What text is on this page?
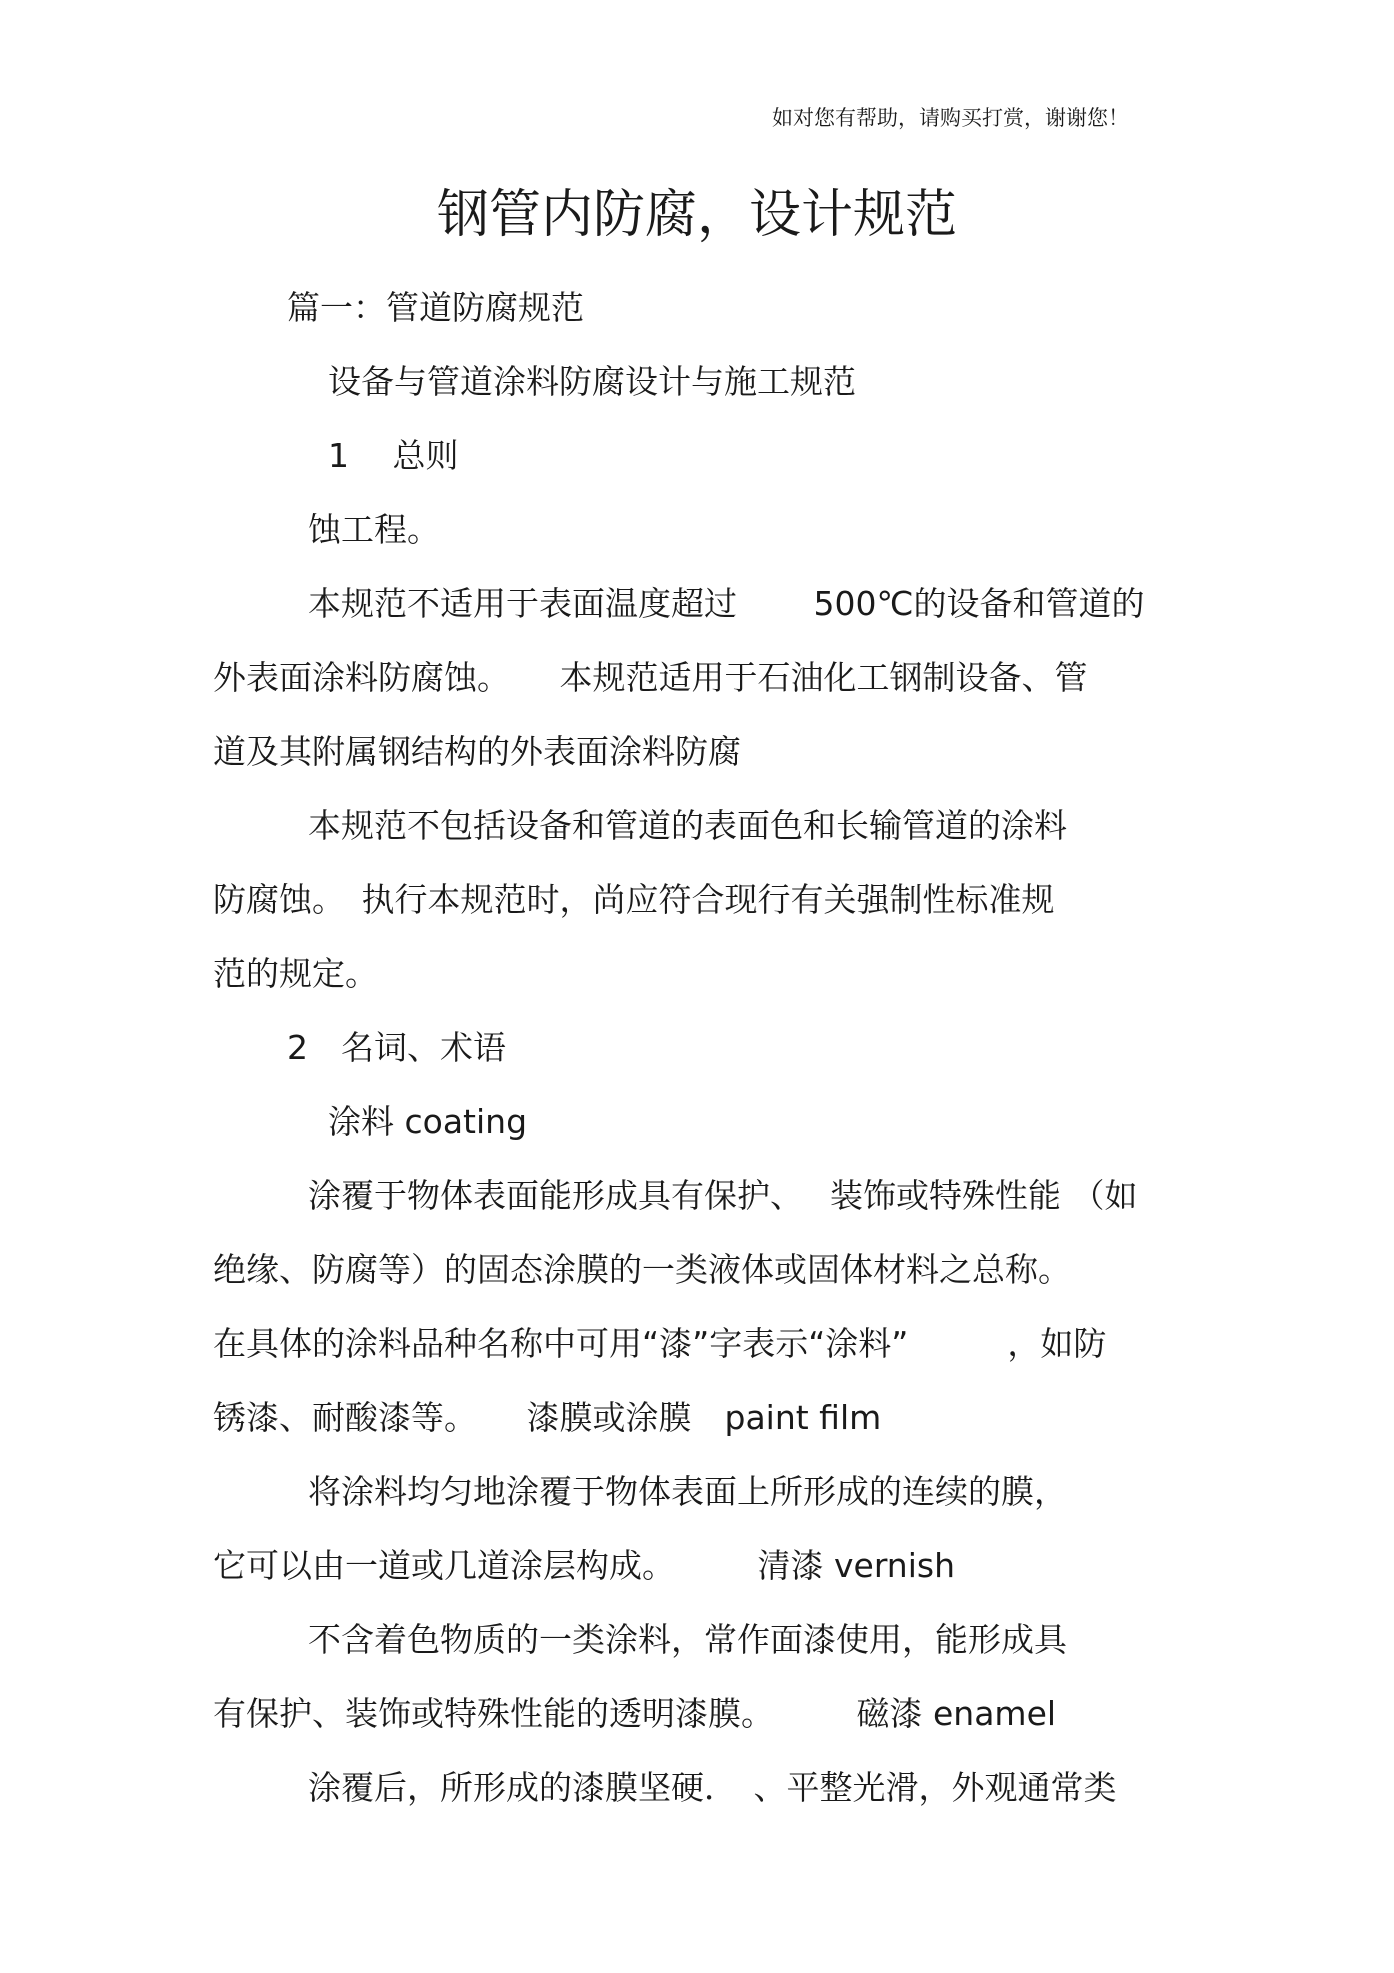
如对您有帮助，请购买打赏，谢谢您！
钢管内防腐，设计规范
篇一：管道防腐规范
设备与管道涂料防腐设计与施工规范
1　 总则
蚀工程。
本规范不适用于表面温度超过　　 500℃的设备和管道的
外表面涂料防腐蚀。　　本规范适用于石油化工钢制设备、管
道及其附属钢结构的外表面涂料防腐
本规范不包括设备和管道的表面色和长输管道的涂料
防腐蚀。　执行本规范时，尚应符合现行有关强制性标准规
范的规定。
2　名词、术语
涂料 coating
涂覆于物体表面能形成具有保护、　 装饰或特殊性能 （如
绝缘、防腐等）的固态涂膜的一类液体或固体材料之总称。
在具体的涂料品种名称中可用“漆”字表示“涂料”　　　，如防
锈漆、耐酸漆等。　　漆膜或涂膜　paint film
将涂料均匀地涂覆于物体表面上所形成的连续的膜，
它可以由一道或几道涂层构成。　　　清漆 vernish
不含着色物质的一类涂料，常作面漆使用，能形成具
有保护、装饰或特殊性能的透明漆膜。　　　磁漆 enamel
涂覆后，所形成的漆膜坚硬．　、平整光滑，外观通常类
